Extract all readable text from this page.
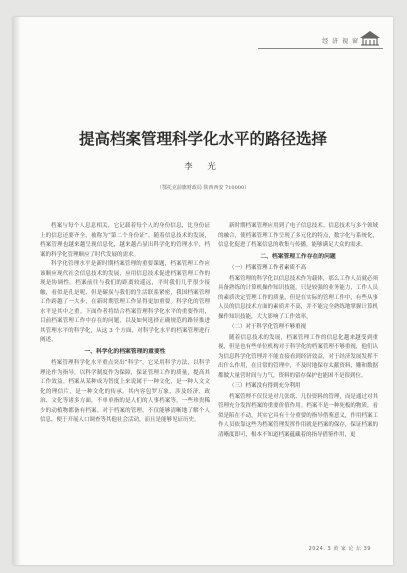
经 济 视 窗
提高档案管理科学化水平的路径选择
李 光
（鄂托克前旗财政局 陕西西安 710000）

档案与每个人息息相关，它记载着每个人的身份信息，比身份证上的信息还要齐全，被称为“第二个身份证”。随着信息技术的发展，档案管理也越来越呈现信息化，越来越凸显出科学化的管理水平，档案的科学化管理顺应了时代发展的需求。

科学化管理水平是新时期档案管理的重要课题，档案管理工作应该顺应现代社会信息技术的发展，应用信息技术促进档案管理工作的现是协调性。档案前往与我们的距离较遥远，平时我们几乎很少接触，看似是孔是呢，但是碳炭与我们的生活联系紧密，我国档案管理工作跨越了一大步，在新时期管理工作显得更加重要。科学化的管理水平是其中之重。下面作者将结合档案管理科学化水平的重要作用，目前档案管理工作中存在的问题，以及如何选择正确规范的路径推进其管理水平的科学化，从这 3 个方面，对科学化水平的档案管理进行阐述。

一、科学化的档案管理的重要性

档案管理科学化水平重点突出“科学”，它采用科学方法，以科学理论作为指导，以科学制度作为保障，保证管理工作的质量，提高其工作效益。档案从某种成为智度上来说属于一种文化，是一种人文文化的理信片，是一种文化的传承。其内容包罗万象，涉及经济、政治、文化等诸多方面，不单单指的是人们的人事档案等，一些珍贵稀少的动植物都备有档案。对于档案的管理，不仅能够清晰地了解个人信息，便于开展人口调查等其他社会活动，而且是能够见证历史。

新时期档案管理应用到了电子信息技术。信息技术与多个领域的融合，使档案管理工作呈现了多元化的特点，数字化与系统化，信息化促进了档案信息的收集与传播，能够满足大众的需求。

二、档案管理工作存在的问题
（一）档案管理工作者素质不高

档案管理的科学化以信息技术作为载体，那么工作人员就必须具备熟练的计算机操作知识技能。只是较强的业务能力，工作人员的素质决定管理工作的质量。但是在实际的管理工作中，有些从事人员的信息技术方面的素质并不高，并不能完全熟练地掌握计算机操作知识技能，大大影响了工作效率。

（二）对于科学化管理不够重视

随着信息技术的发展，档案管理工作的信息化越来越受到重视，但是也有些单位机构对于科学化的档案管理不够重视，他们认为信息科学化管理并不能直接看到经济效益，对于经济发展发挥不出什么作用，在日常的管理中，不及时地保存太献资料，雕和数据都做大量营时间与力气，资料的留存保护也能困不是很到位。

（三）档案没有得到充分利用

档案管理不仅仅是对几张纸、几份资料的管理，而是通过对其管理充分发挥档案的重要价值作用。档案不是一种死板的物质，看似是陷在不动，其实它具有十分重要的指导借鉴意义，作用档案工作人员依靠这些为档案管理发挥作用就是档案的保存，保证档案的清晰度即可，根本不知道档案蕴藏着的指导借鉴作用，更

2024. 3 黄 家 论 坛 39
